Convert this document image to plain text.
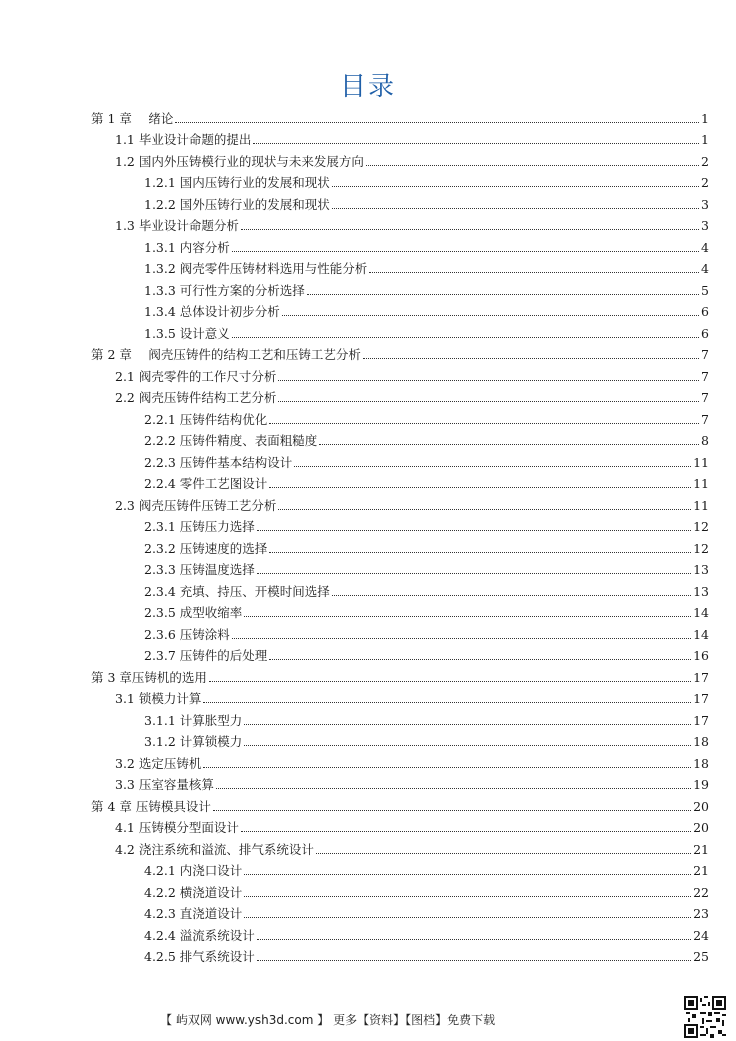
目录
第 1 章　 绪论	1
1.1 毕业设计命题的提出	1
1.2 国内外压铸模行业的现状与未来发展方向	2
1.2.1 国内压铸行业的发展和现状	2
1.2.2 国外压铸行业的发展和现状	3
1.3 毕业设计命题分析	3
1.3.1 内容分析	4
1.3.2 阀壳零件压铸材料选用与性能分析	4
1.3.3 可行性方案的分析选择	5
1.3.4 总体设计初步分析	6
1.3.5 设计意义	6
第 2 章　 阀壳压铸件的结构工艺和压铸工艺分析	7
2.1 阀壳零件的工作尺寸分析	7
2.2 阀壳压铸件结构工艺分析	7
2.2.1 压铸件结构优化	7
2.2.2 压铸件精度、表面粗糙度	8
2.2.3 压铸件基本结构设计	11
2.2.4 零件工艺图设计	11
2.3 阀壳压铸件压铸工艺分析	11
2.3.1 压铸压力选择	12
2.3.2 压铸速度的选择	12
2.3.3 压铸温度选择	13
2.3.4 充填、持压、开模时间选择	13
2.3.5 成型收缩率	14
2.3.6 压铸涂料	14
2.3.7 压铸件的后处理	16
第 3 章压铸机的选用	17
3.1 锁模力计算	17
3.1.1 计算胀型力	17
3.1.2 计算锁模力	18
3.2 选定压铸机	18
3.3 压室容量核算	19
第 4 章 压铸模具设计	20
4.1 压铸模分型面设计	20
4.2 浇注系统和溢流、排气系统设计	21
4.2.1 内浇口设计	21
4.2.2 横浇道设计	22
4.2.3 直浇道设计	23
4.2.4 溢流系统设计	24
4.2.5 排气系统设计	25
【 屿双网 www.ysh3d.com 】 更多【资料】【图档】免费下载
